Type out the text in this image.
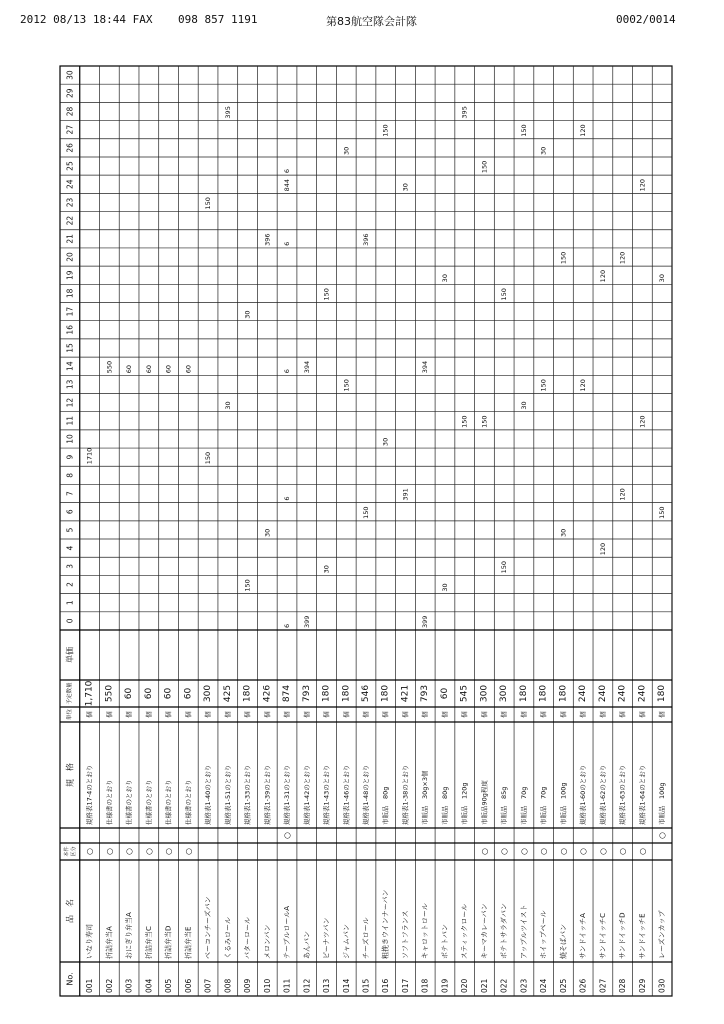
2012 08/13 18:44 FAX 098 857 1191	第83航空隊会計隊	0002/0014
No.
品　名
本件 区分
規　格
単位
予定数量
単価
0
1
2
3
4
5
6
7
8
9
10
11
12
13
14
15
16
17
18
19
20
21
22
23
24
25
26
27
28
29
30
001
いなり寿司
○
規格表17-4のとおり
個
1,710
1710
002
折詰弁当A
○
仕様書のとおり
個
550
550
003
おにぎり弁当A
○
仕様書のとおり
個
60
60
004
折詰弁当C
○
仕様書のとおり
個
60
60
005
折詰弁当D
○
仕様書のとおり
個
60
60
006
折詰弁当E
○
仕様書のとおり
個
60
60
007
ベーコンチーズパン
規格表1-40のとおり
個
300
150
150
008
くるみロール
規格表1-51のとおり
個
425
30
395
009
バターロール
規格表1-33のとおり
個
180
150
30
010
メロンパン
規格表1-39のとおり
個
426
30
396
011
テーブルロールA
○
規格表1-31のとおり
個
874
6
6
6
6
844
6
012
あんパン
規格表1-42のとおり
個
793
399
394
013
ピーナツパン
規格表1-43のとおり
個
180
30
150
014
ジャムパン
規格表1-46のとおり
個
180
150
30
015
チーズロール
規格表1-48のとおり
個
546
150
396
016
粗挽きウインナーパン
市販品　80g
個
180
30
150
017
ソフトフランス
規格表1-38のとおり
個
421
391
30
018
キャロットロール
市販品　30g×3個
個
793
399
394
019
ポテトパン
市販品　80g
個
60
30
30
020
スティックロール
市販品　120g
個
545
150
395
021
キーマカレーパン
○
市販品90g程度
個
300
150
150
022
ポテトサラダパン
○
市販品　85g
個
300
150
150
023
アップルツイスト
○
市販品　70g
個
180
30
150
024
ホイップペール
○
市販品　70g
個
180
150
30
025
焼そばパン
○
市販品　100g
個
180
30
150
026
サンドイッチA
○
規格表1-60のとおり
個
240
120
120
027
サンドイッチC
○
規格表1-62のとおり
個
240
120
120
028
サンドイッチD
○
規格表1-63のとおり
個
240
120
120
029
サンドイッチE
○
規格表1-64のとおり
個
240
120
120
030
レーズンカップ
○
市販品　100g
個
180
150
30
